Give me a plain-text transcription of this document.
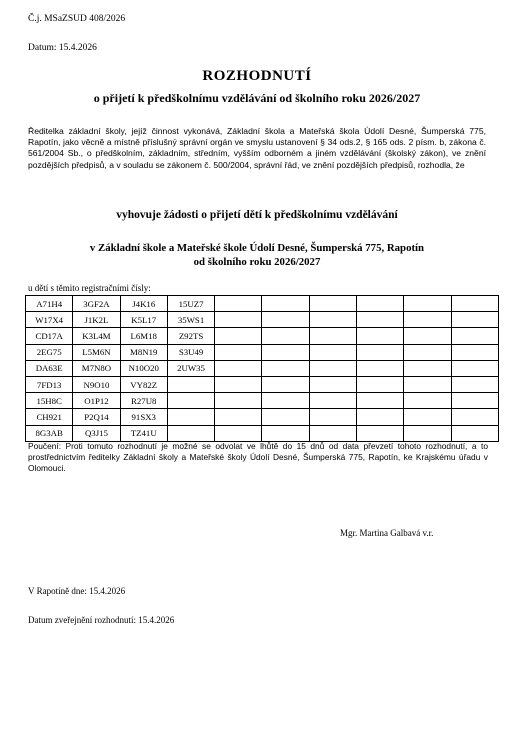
Č.j. MSaZSUD 408/2026
Datum: 15.4.2026
ROZHODNUTÍ
o přijetí k předškolnímu vzdělávání od školního roku 2026/2027
Ředitelka základní školy, jejíž činnost vykonává, Základní škola a Mateřská škola Údolí Desné, Šumperská 775, Rapotín, jako věcně a místně příslušný správní orgán ve smyslu ustanovení § 34 ods.2, § 165 ods. 2 písm. b, zákona č. 561/2004 Sb., o předškolním, základním, středním, vyšším odborném a jiném vzdělávání (školský zákon), ve znění pozdějších předpisů, a v souladu se zákonem č. 500/2004, správní řád, ve znění pozdějších předpisů, rozhodla, že
vyhovuje žádosti o přijetí dětí k předškolnímu vzdělávání
v Základní škole a Mateřské škole Údolí Desné, Šumperská 775, Rapotín
od školního roku 2026/2027
u dětí s těmito registračními čísly:
A71H4	3GF2A	J4K16	15UZ7						
W17X4	J1K2L	K5L17	35WS1						
CD17A	K3L4M	L6M18	Z92TS						
2EG75	L5M6N	M8N19	S3U49						
DA63E	M7N8O	N10O20	2UW35						
7FD13	N9O10	VY82Z							
15H8C	O1P12	R27U8							
CH921	P2Q14	91SX3							
8G3AB	Q3J15	TZ41U							
Poučení: Proti tomuto rozhodnutí je možné se odvolat ve lhůtě do 15 dnů od data převzetí tohoto rozhodnutí, a to prostřednictvím ředitelky Základní školy a Mateřské školy Údolí Desné, Šumperská 775, Rapotín, ke Krajskému úřadu v Olomouci.
Mgr. Martina Galbavá v.r.
V Rapotíně dne: 15.4.2026
Datum zveřejnění rozhodnutí: 15.4.2026
